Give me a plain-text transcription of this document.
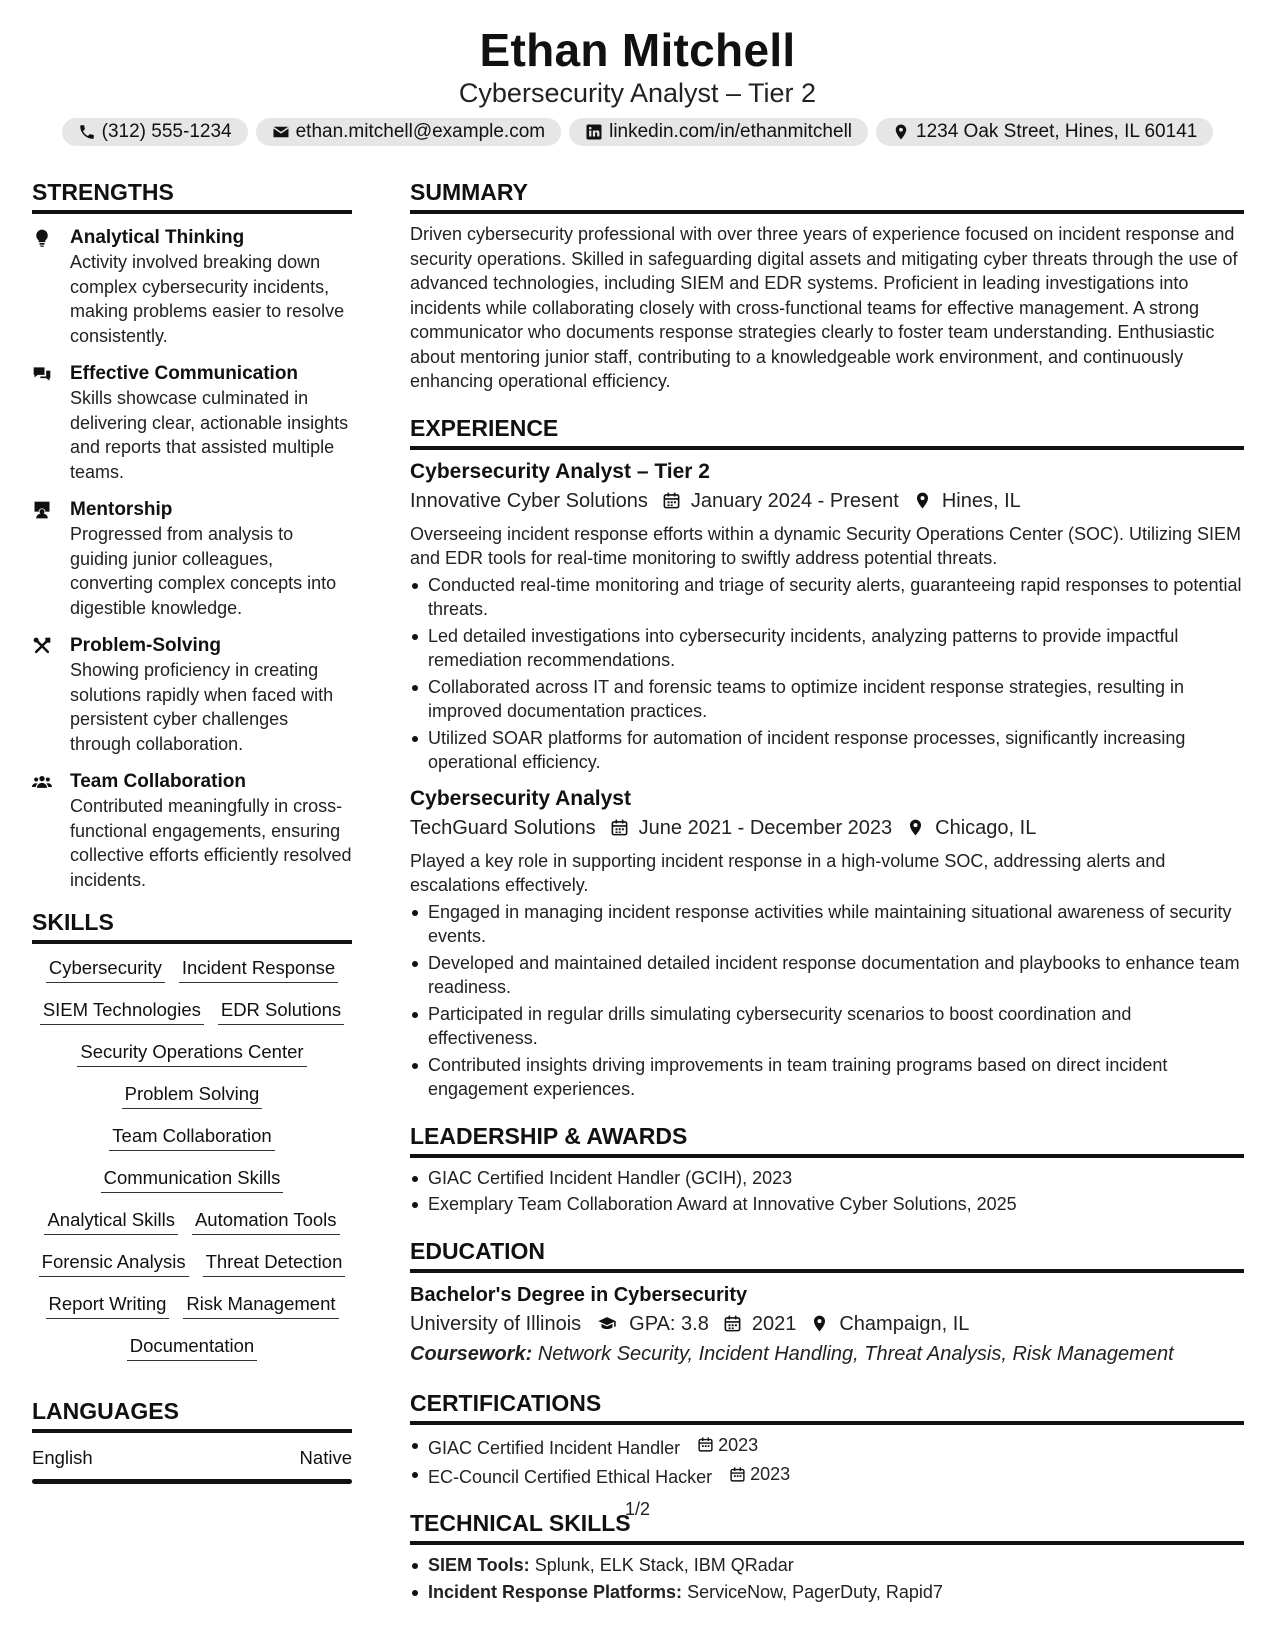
Ethan Mitchell
Cybersecurity Analyst – Tier 2
(312) 555-1234	ethan.mitchell@example.com	linkedin.com/in/ethanmitchell	1234 Oak Street, Hines, IL 60141
STRENGTHS
Analytical Thinking
Activity involved breaking down complex cybersecurity incidents, making problems easier to resolve consistently.
Effective Communication
Skills showcase culminated in delivering clear, actionable insights and reports that assisted multiple teams.
Mentorship
Progressed from analysis to guiding junior colleagues, converting complex concepts into digestible knowledge.
Problem-Solving
Showing proficiency in creating solutions rapidly when faced with persistent cyber challenges through collaboration.
Team Collaboration
Contributed meaningfully in cross-functional engagements, ensuring collective efforts efficiently resolved incidents.
SKILLS
Cybersecurity Incident Response
SIEM Technologies EDR Solutions
Security Operations Center
Problem Solving
Team Collaboration
Communication Skills
Analytical Skills Automation Tools
Forensic Analysis Threat Detection
Report Writing Risk Management
Documentation
LANGUAGES
English	Native
SUMMARY
Driven cybersecurity professional with over three years of experience focused on incident response and security operations. Skilled in safeguarding digital assets and mitigating cyber threats through the use of advanced technologies, including SIEM and EDR systems. Proficient in leading investigations into incidents while collaborating closely with cross-functional teams for effective management. A strong communicator who documents response strategies clearly to foster team understanding. Enthusiastic about mentoring junior staff, contributing to a knowledgeable work environment, and continuously enhancing operational efficiency.
EXPERIENCE
Cybersecurity Analyst – Tier 2
Innovative Cyber Solutions January 2024 - Present Hines, IL
Overseeing incident response efforts within a dynamic Security Operations Center (SOC). Utilizing SIEM and EDR tools for real-time monitoring to swiftly address potential threats.
Conducted real-time monitoring and triage of security alerts, guaranteeing rapid responses to potential threats.
Led detailed investigations into cybersecurity incidents, analyzing patterns to provide impactful remediation recommendations.
Collaborated across IT and forensic teams to optimize incident response strategies, resulting in improved documentation practices.
Utilized SOAR platforms for automation of incident response processes, significantly increasing operational efficiency.
Cybersecurity Analyst
TechGuard Solutions June 2021 - December 2023 Chicago, IL
Played a key role in supporting incident response in a high-volume SOC, addressing alerts and escalations effectively.
Engaged in managing incident response activities while maintaining situational awareness of security events.
Developed and maintained detailed incident response documentation and playbooks to enhance team readiness.
Participated in regular drills simulating cybersecurity scenarios to boost coordination and effectiveness.
Contributed insights driving improvements in team training programs based on direct incident engagement experiences.
LEADERSHIP & AWARDS
GIAC Certified Incident Handler (GCIH), 2023
Exemplary Team Collaboration Award at Innovative Cyber Solutions, 2025
EDUCATION
Bachelor's Degree in Cybersecurity
University of Illinois GPA: 3.8 2021 Champaign, IL
Coursework: Network Security, Incident Handling, Threat Analysis, Risk Management
CERTIFICATIONS
GIAC Certified Incident Handler 2023
EC-Council Certified Ethical Hacker 2023
TECHNICAL SKILLS
SIEM Tools: Splunk, ELK Stack, IBM QRadar
Incident Response Platforms: ServiceNow, PagerDuty, Rapid7
1/2
